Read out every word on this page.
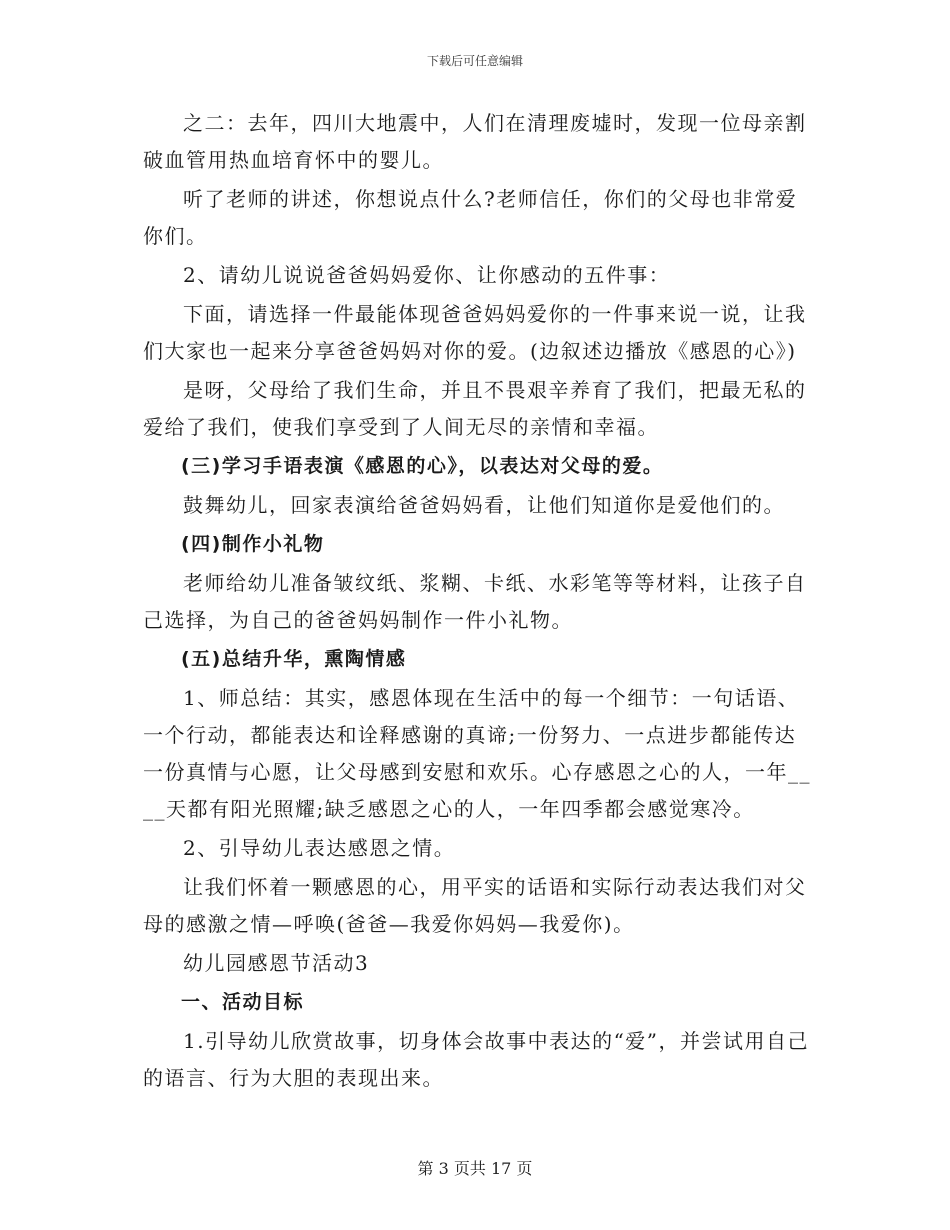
下载后可任意编辑

之二：去年，四川大地震中，人们在清理废墟时，发现一位母亲割破血管用热血培育怀中的婴儿。

听了老师的讲述，你想说点什么?老师信任，你们的父母也非常爱你们。

2、请幼儿说说爸爸妈妈爱你、让你感动的五件事：

下面，请选择一件最能体现爸爸妈妈爱你的一件事来说一说，让我们大家也一起来分享爸爸妈妈对你的爱。(边叙述边播放《感恩的心》)

是呀，父母给了我们生命，并且不畏艰辛养育了我们，把最无私的爱给了我们，使我们享受到了人间无尽的亲情和幸福。

(三)学习手语表演《感恩的心》，以表达对父母的爱。

鼓舞幼儿，回家表演给爸爸妈妈看，让他们知道你是爱他们的。

(四)制作小礼物

老师给幼儿准备皱纹纸、浆糊、卡纸、水彩笔等等材料，让孩子自己选择，为自己的爸爸妈妈制作一件小礼物。

(五)总结升华，熏陶情感

1、师总结：其实，感恩体现在生活中的每一个细节：一句话语、一个行动，都能表达和诠释感谢的真谛;一份努力、一点进步都能传达一份真情与心愿，让父母感到安慰和欢乐。心存感恩之心的人，一年____天都有阳光照耀;缺乏感恩之心的人，一年四季都会感觉寒冷。

2、引导幼儿表达感恩之情。

让我们怀着一颗感恩的心，用平实的话语和实际行动表达我们对父母的感激之情—呼唤(爸爸—我爱你妈妈—我爱你)。

幼儿园感恩节活动3

一、活动目标

1.引导幼儿欣赏故事，切身体会故事中表达的“爱”，并尝试用自己的语言、行为大胆的表现出来。

第 3 页共 17 页
